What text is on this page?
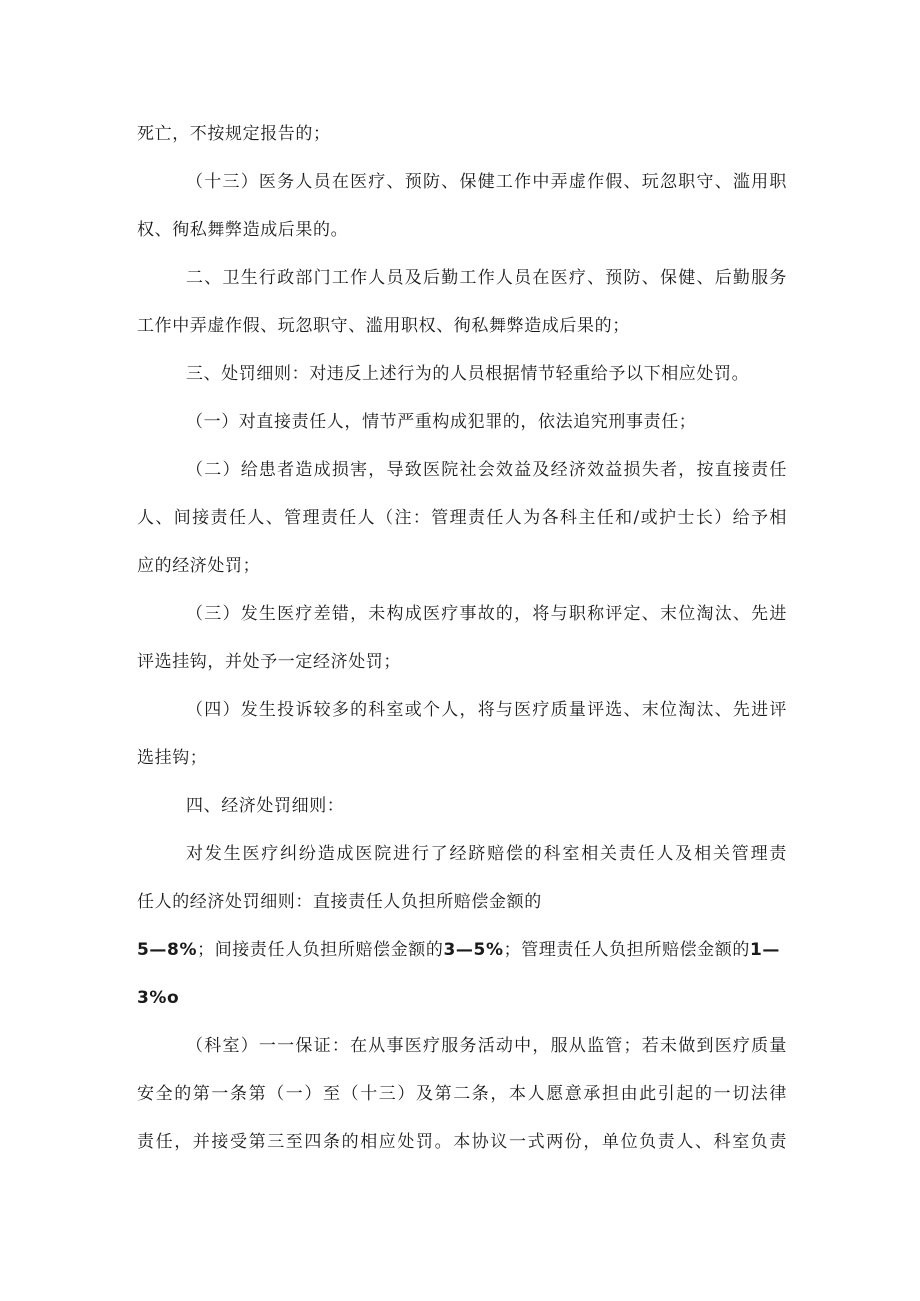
死亡，不按规定报告的；
（十三）医务人员在医疗、预防、保健工作中弄虚作假、玩忽职守、滥用职
权、徇私舞弊造成后果的。
二、卫生行政部门工作人员及后勤工作人员在医疗、预防、保健、后勤服务
工作中弄虚作假、玩忽职守、滥用职权、徇私舞弊造成后果的；
三、处罚细则：对违反上述行为的人员根据情节轻重给予以下相应处罚。
（一）对直接责任人，情节严重构成犯罪的，依法追究刑事责任；
（二）给患者造成损害，导致医院社会效益及经济效益损失者，按直接责任
人、间接责任人、管理责任人（注：管理责任人为各科主任和/或护士长）给予相
应的经济处罚；
（三）发生医疗差错，未构成医疗事故的，将与职称评定、末位淘汰、先进
评选挂钩，并处予一定经济处罚；
（四）发生投诉较多的科室或个人，将与医疗质量评选、末位淘汰、先进评
选挂钩；
四、经济处罚细则：
对发生医疗纠纷造成医院进行了经跻赔偿的科室相关责任人及相关管理责
任人的经济处罚细则：直接责任人负担所赔偿金额的
5—8%；间接责任人负担所赔偿金额的3—5%；管理责任人负担所赔偿金额的1—
3%o
（科室）一一保证：在从事医疗服务活动中，服从监管；若未做到医疗质量
安全的第一条第（一）至（十三）及第二条，本人愿意承担由此引起的一切法律
责任，并接受第三至四条的相应处罚。本协议一式两份，单位负责人、科室负责
